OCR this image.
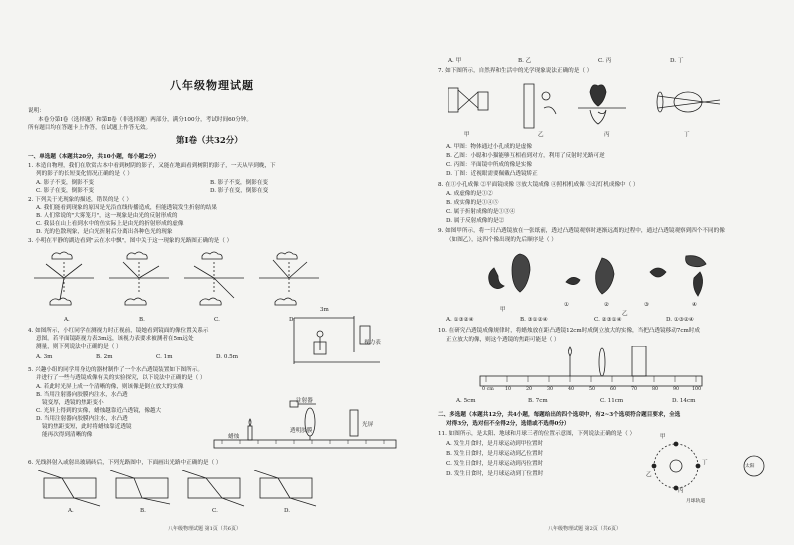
八年级物理试题
说明：
本卷分第Ⅰ卷（选择题）和第Ⅱ卷（非选择题）两部分，满分100分，考试时间60分钟。
所有题目均在答题卡上作答，在试题上作答无效。
第Ⅰ卷（共32分）
一、单选题（本题共20分，共10小题，每小题2分）
1. 本造自物理，我们在欣赏古本中看到树阴的影子，又能在地面看到树阴的影子，一天从早到晚，下
列的影子的长短变化情况正确的是（ ）
A. 影子不变，倒影不变	B. 影子不变，倒影在变
C. 影子在变，倒影不变	D. 影子在变，倒影在变
2. 下列关于光现象的描述，错误的是（ ）
A. 我们能看到现象的原因是光沿直线传播造成，但能透镜发生折射的结果
B. 人们常说的"大雾笼月"，这一现象是由光的反射形成的
C. 我县在山上看到水中的鱼实际上是由光的折射形成的虚像
D. 光的色散现象，是白光折射后分离出各种色光的现象
3. 小明在平静的湖边看到"云在水中飘"，图中关于这一现象的光路图正确的是（ ）
A.	B.	C.	D.
4. 如图所示，小红同学在测视力时正视前，镜她看到镜面的像位置关系示
意图。若平面镜距视力表3m远，该视力表要求被测者在5m远处
测量，则下列说法中正确的是（ ）
A. 3m	B. 2m	C. 1m	D. 0.5m
3m
视力表
5. 兴趣小组的同学用身边的器材制作了一个水凸透镜装置如下图所示。
并进行了一些与透镜成像有关的实验探究，以下说法中正确的是（ ）
A. 若此时光屏上成一个清晰的像，则该像是倒立放大的实像
B. 当用注射器向胶膜内注水，水凸透
镜变厚，透镜的焦距变小
C. 光屏上得到的实像，蜡烛越靠近凸透镜，像越大
D. 当用注射器向胶膜内注水，水凸透
镜的焦距变短，此时将蜡烛靠近透镜
能再次得到清晰的像
注射器
透明胶膜
光屏
蜡烛
6. 光线斜射入或射出玻璃砖后，下列光路图中，下面画出光路中正确的是（ ）
A.	B.	C.	D.
八年级物理试题 第1页（共6页）
A. 甲	B. 乙	C. 丙	D. 丁
7. 如下图所示，自然界和生活中的光学现象说法正确的是（ ）
甲	乙	丙	丁
A. 甲图：物体通过小孔成的是虚像
B. 乙图：小聪和小猫能够互相看到对方，利用了反射时光路可逆
C. 丙图：平面镜中所成的像是实像
D. 丁图：近视眼需要佩戴凸透镜矫正
8. 在①小孔成像 ②平面镜成像 ③放大镜成像 ④照相机成像 ⑤幻灯机成像中（ ）
A. 成虚像的是①②
B. 成实像的是①④⑤
C. 属于折射成像的是①③④
D. 属于反射成像的是②
9. 如图甲所示，将一只凸透镜放在一张纸前，透过凸透镜观察时逐渐远离的过程中，通过凸透镜观察到四个不同的像
（如图乙），这四个像出现的先后顺序是（ ）
甲
①	②	③
乙
④
A. ①③②④	B. ③①②④	C. ②③①④	D. ①③②④
10. 在研究凸透镜成像规律时，将蜡烛放在距凸透镜12cm时成倒立放大的实像，当把凸透镜移动7cm时成
正立放大的像，则这个透镜的焦距可能是（ ）
0 cm 10	20	30	40	50	60	70	80	90	100
A. 5cm	B. 7cm	C. 11cm	D. 14cm
二、多选题（本题共12分，共4小题，每题给出的四个选项中，有2~3个选项符合题目要求，全选
对得3分，选对但不全得2分，选错或不选得0分）
11. 如图所示，是太阳、地球和月球三者的位置示意图，下列说法正确的是（ ）
A. 发生月食时，是月球运动到甲位置时
B. 发生日食时，是月球运动到乙位置时
C. 发生日食时，是月球运动到丙位置时
D. 发生日食时，是月球运动到丁位置时
甲
乙
丙
丁
太阳
月球轨道
八年级物理试题 第2页（共6页）
